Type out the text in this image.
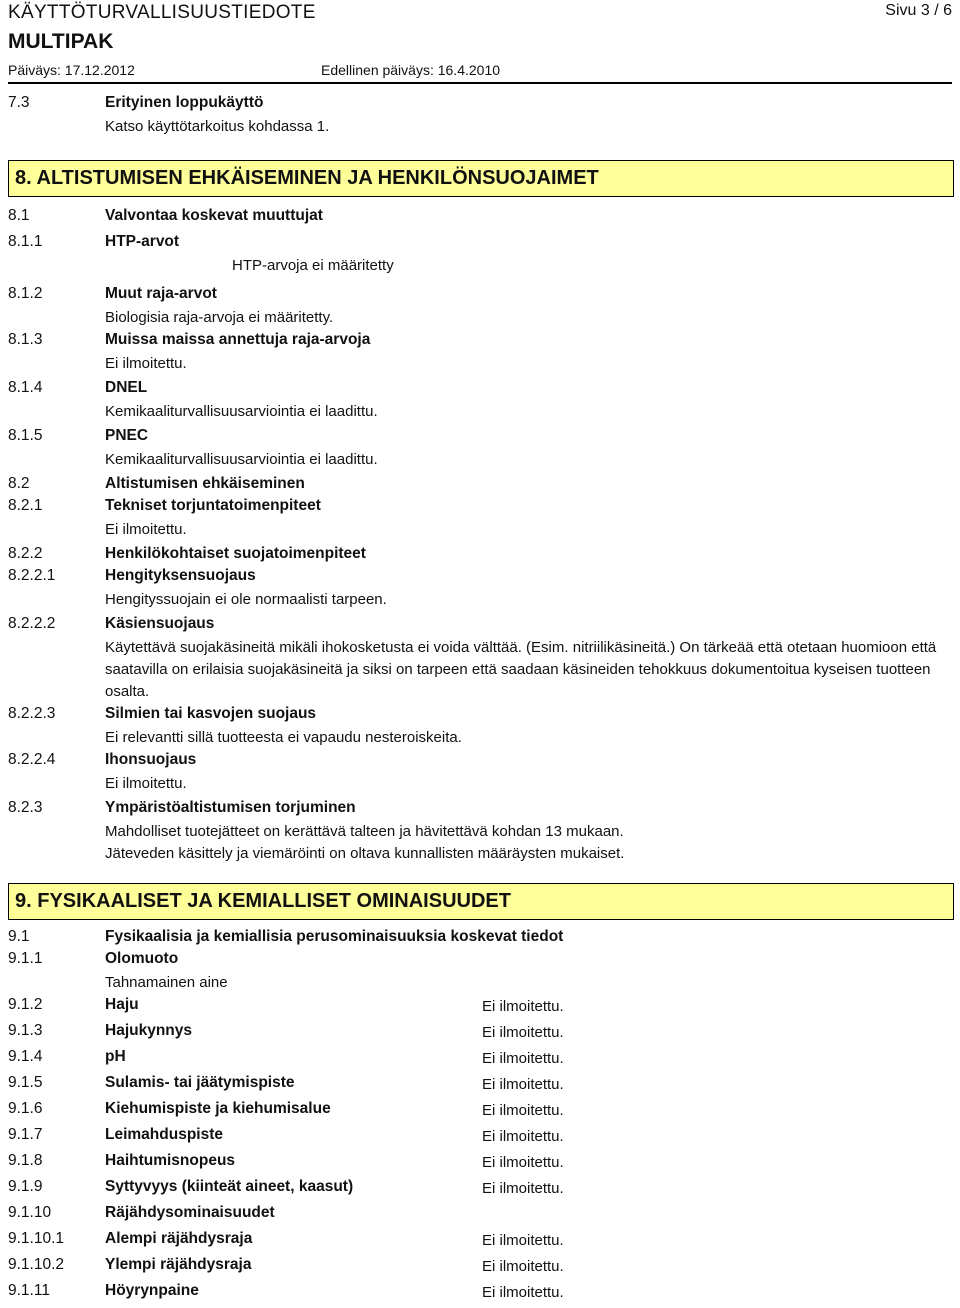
KÄYTTÖTURVALLISUUSTIEDOTE	Sivu 3 / 6
MULTIPAK
Päiväys: 17.12.2012	Edellinen päiväys: 16.4.2010
7.3	Erityinen loppukäyttö
Katso käyttötarkoitus kohdassa 1.
8. ALTISTUMISEN EHKÄISEMINEN JA HENKILÖNSUOJAIMET
8.1	Valvontaa koskevat muuttujat
8.1.1	HTP-arvot
HTP-arvoja ei määritetty
8.1.2	Muut raja-arvot
Biologisia raja-arvoja ei määritetty.
8.1.3	Muissa maissa annettuja raja-arvoja
Ei ilmoitettu.
8.1.4	DNEL
Kemikaaliturvallisuusarviointia ei laadittu.
8.1.5	PNEC
Kemikaaliturvallisuusarviointia ei laadittu.
8.2	Altistumisen ehkäiseminen
8.2.1	Tekniset torjuntatoimenpiteet
Ei ilmoitettu.
8.2.2	Henkilökohtaiset suojatoimenpiteet
8.2.2.1	Hengityksensuojaus
Hengityssuojain ei ole normaalisti tarpeen.
8.2.2.2	Käsiensuojaus
Käytettävä suojakäsineitä mikäli ihokosketusta ei voida välttää. (Esim. nitriilikäsineitä.) On tärkeää että otetaan huomioon että saatavilla on erilaisia suojakäsineitä ja siksi on tarpeen että saadaan käsineiden tehokkuus dokumentoitua kyseisen tuotteen osalta.
8.2.2.3	Silmien tai kasvojen suojaus
Ei relevantti sillä tuotteesta ei vapaudu nesteroiskeita.
8.2.2.4	Ihonsuojaus
Ei ilmoitettu.
8.2.3	Ympäristöaltistumisen torjuminen
Mahdolliset tuotejätteet on kerättävä talteen ja hävitettävä kohdan 13 mukaan.
Jäteveden käsittely ja viemäröinti on oltava kunnallisten määräysten mukaiset.
9. FYSIKAALISET JA KEMIALLISET OMINAISUUDET
9.1	Fysikaalisia ja kemiallisia perusominaisuuksia koskevat tiedot
9.1.1	Olomuoto
Tahnamainen aine
9.1.2	Haju	Ei ilmoitettu.
9.1.3	Hajukynnys	Ei ilmoitettu.
9.1.4	pH	Ei ilmoitettu.
9.1.5	Sulamis- tai jäätymispiste	Ei ilmoitettu.
9.1.6	Kiehumispiste ja kiehumisalue	Ei ilmoitettu.
9.1.7	Leimahduspiste	Ei ilmoitettu.
9.1.8	Haihtumisnopeus	Ei ilmoitettu.
9.1.9	Syttyvyys (kiinteät aineet, kaasut)	Ei ilmoitettu.
9.1.10	Räjähdysominaisuudet
9.1.10.1	Alempi räjähdysraja	Ei ilmoitettu.
9.1.10.2	Ylempi räjähdysraja	Ei ilmoitettu.
9.1.11	Höyrynpaine	Ei ilmoitettu.
